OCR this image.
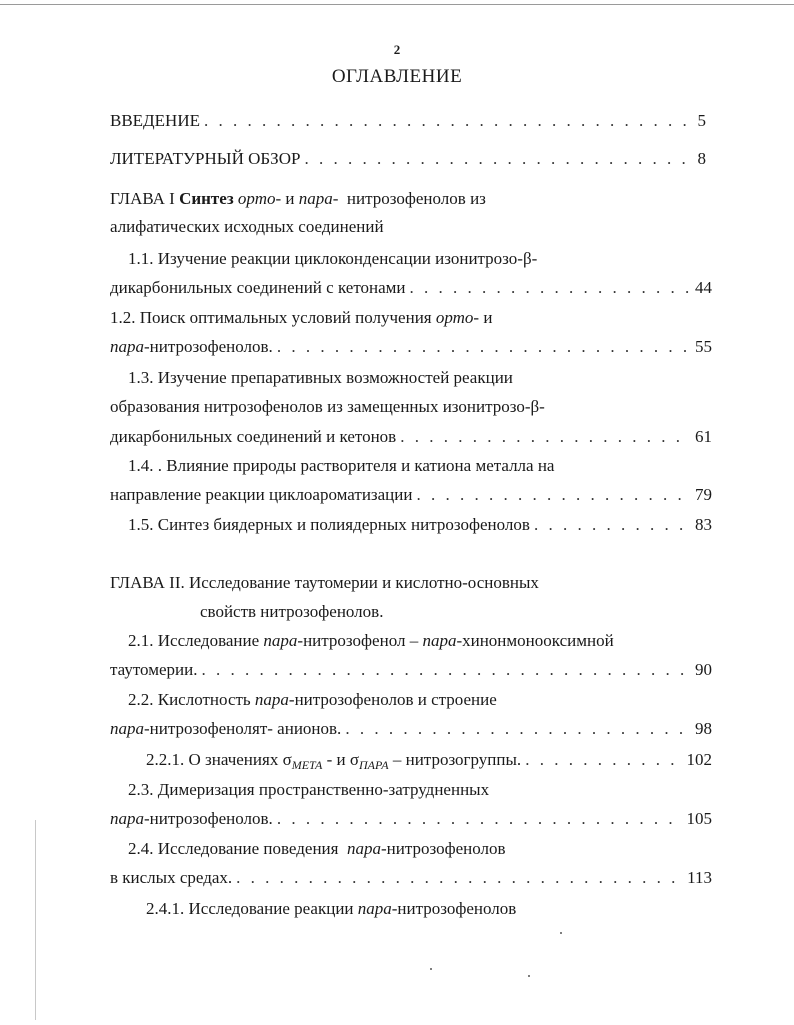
2
ОГЛАВЛЕНИЕ
ВВЕДЕНИЕ . . .	5
ЛИТЕРАТУРНЫЙ ОБЗОР . . .	8
ГЛАВА I Синтез орто- и пара- нитрозофенолов из
алифатических исходных соединений
1.1. Изучение реакции циклоконденсации изонитрозо-β-
дикарбонильных соединений с кетонами . . .	44
1.2. Поиск оптимальных условий получения орто- и
пара-нитрозофенолов. . . .	55
1.3. Изучение препаративных возможностей реакции
образования нитрозофенолов из замещенных изонитрозо-β-
дикарбонильных соединений и кетонов . . .	61
1.4. . Влияние природы растворителя и катиона металла на
направление реакции циклоароматизации . . .	79
1.5. Синтез биядерных и полиядерных нитрозофенолов . . .	83
ГЛАВА II. Исследование таутомерии и кислотно-основных
свойств нитрозофенолов.
2.1. Исследование пара-нитрозофенол – пара-хинонмонооксимной
таутомерии. . . .	90
2.2. Кислотность пара-нитрозофенолов и строение
пара-нитрозофенолят- анионов. . . .	98
2.2.1. О значениях $\sigma_{МЕТА}$ - и $\sigma_{ПАРА}$ – нитрозогруппы. . . .	102
2.3. Димеризация пространственно-затрудненных
пара-нитрозофенолов. . . .	105
2.4. Исследование поведения пара-нитрозофенолов
в кислых средах. . . .	113
2.4.1. Исследование реакции пара-нитрозофенолов
